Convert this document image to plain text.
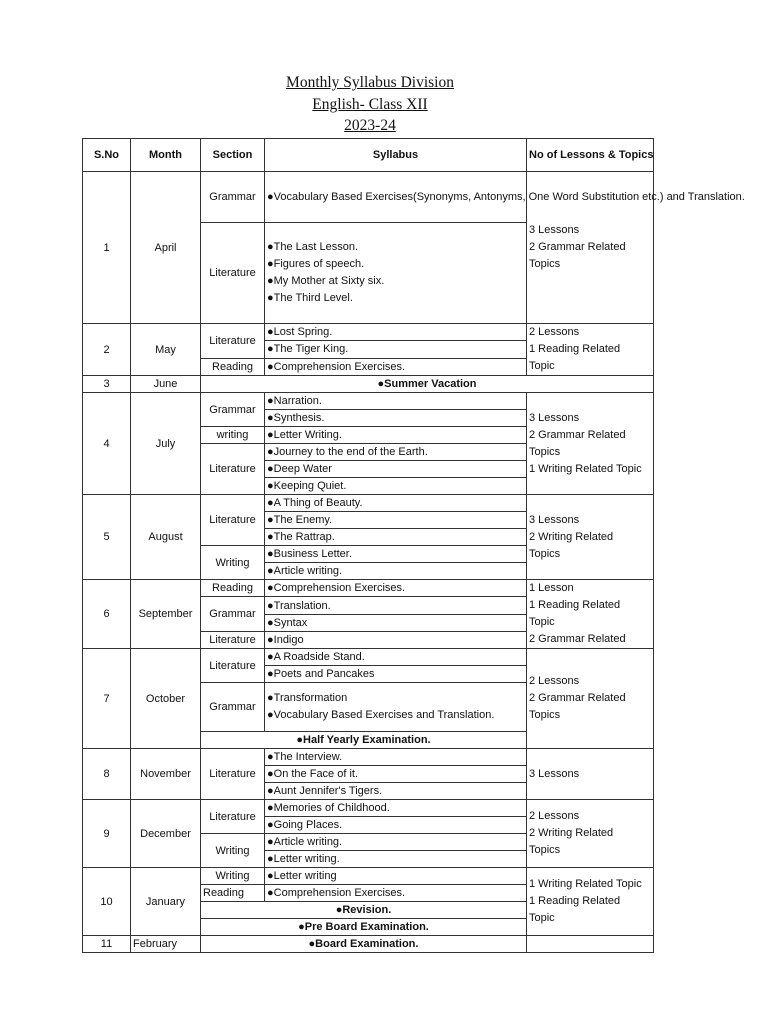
Monthly Syllabus Division
English- Class XII
2023-24
S.No	Month	Section	Syllabus	No of Lessons & Topics
1	April	Grammar	●Vocabulary Based Exercises(Synonyms, Antonyms, One Word Substitution etc.) and Translation.	3 Lessons
2 Grammar Related
Topics

		Literature	●The Last Lesson.
●Figures of speech.
●My Mother at Sixty six.
●The Third Level.	

2	May	Literature	●Lost Spring.	2 Lessons
1 Reading Related
Topic

			●The Tiger King.	
		Reading	●Comprehension Exercises.	
3	June	●Summer Vacation		
4	July	Grammar	●Narration.	3 Lessons
2 Grammar Related
Topics
1 Writing Related Topic

			●Synthesis.	
		writing	●Letter Writing.	
		Literature	●Journey to the end of the Earth.	
			●Deep Water	
			●Keeping Quiet.	
5	August	Literature	●A Thing of Beauty.	3 Lessons
2 Writing Related
Topics

			●The Enemy.	
			●The Rattrap.	
		Writing	●Business Letter.	
			●Article writing.	
6	September	Reading	●Comprehension Exercises.	1 Lesson
1 Reading Related
Topic
2 Grammar Related

		Grammar	●Translation.	
			●Syntax	
		Literature	●Indigo	
7	October	Literature	●A Roadside Stand.	2 Lessons
2 Grammar Related
Topics

			●Poets and Pancakes	
		Grammar	●Transformation
●Vocabulary Based Exercises and Translation.	

		●Half Yearly Examination.		
8	November	Literature	●The Interview.	3 Lessons

			●On the Face of it.	
			●Aunt Jennifer's Tigers.	
9	December	Literature	●Memories of Childhood.	2 Lessons
2 Writing Related
Topics

			●Going Places.	
		Writing	●Article writing.	
			●Letter writing.	
10	January	Writing	●Letter writing	1 Writing Related Topic
1 Reading Related
Topic

		Reading	●Comprehension Exercises.	
		●Revision.		
		●Pre Board Examination.		
11	February	●Board Examination.		
